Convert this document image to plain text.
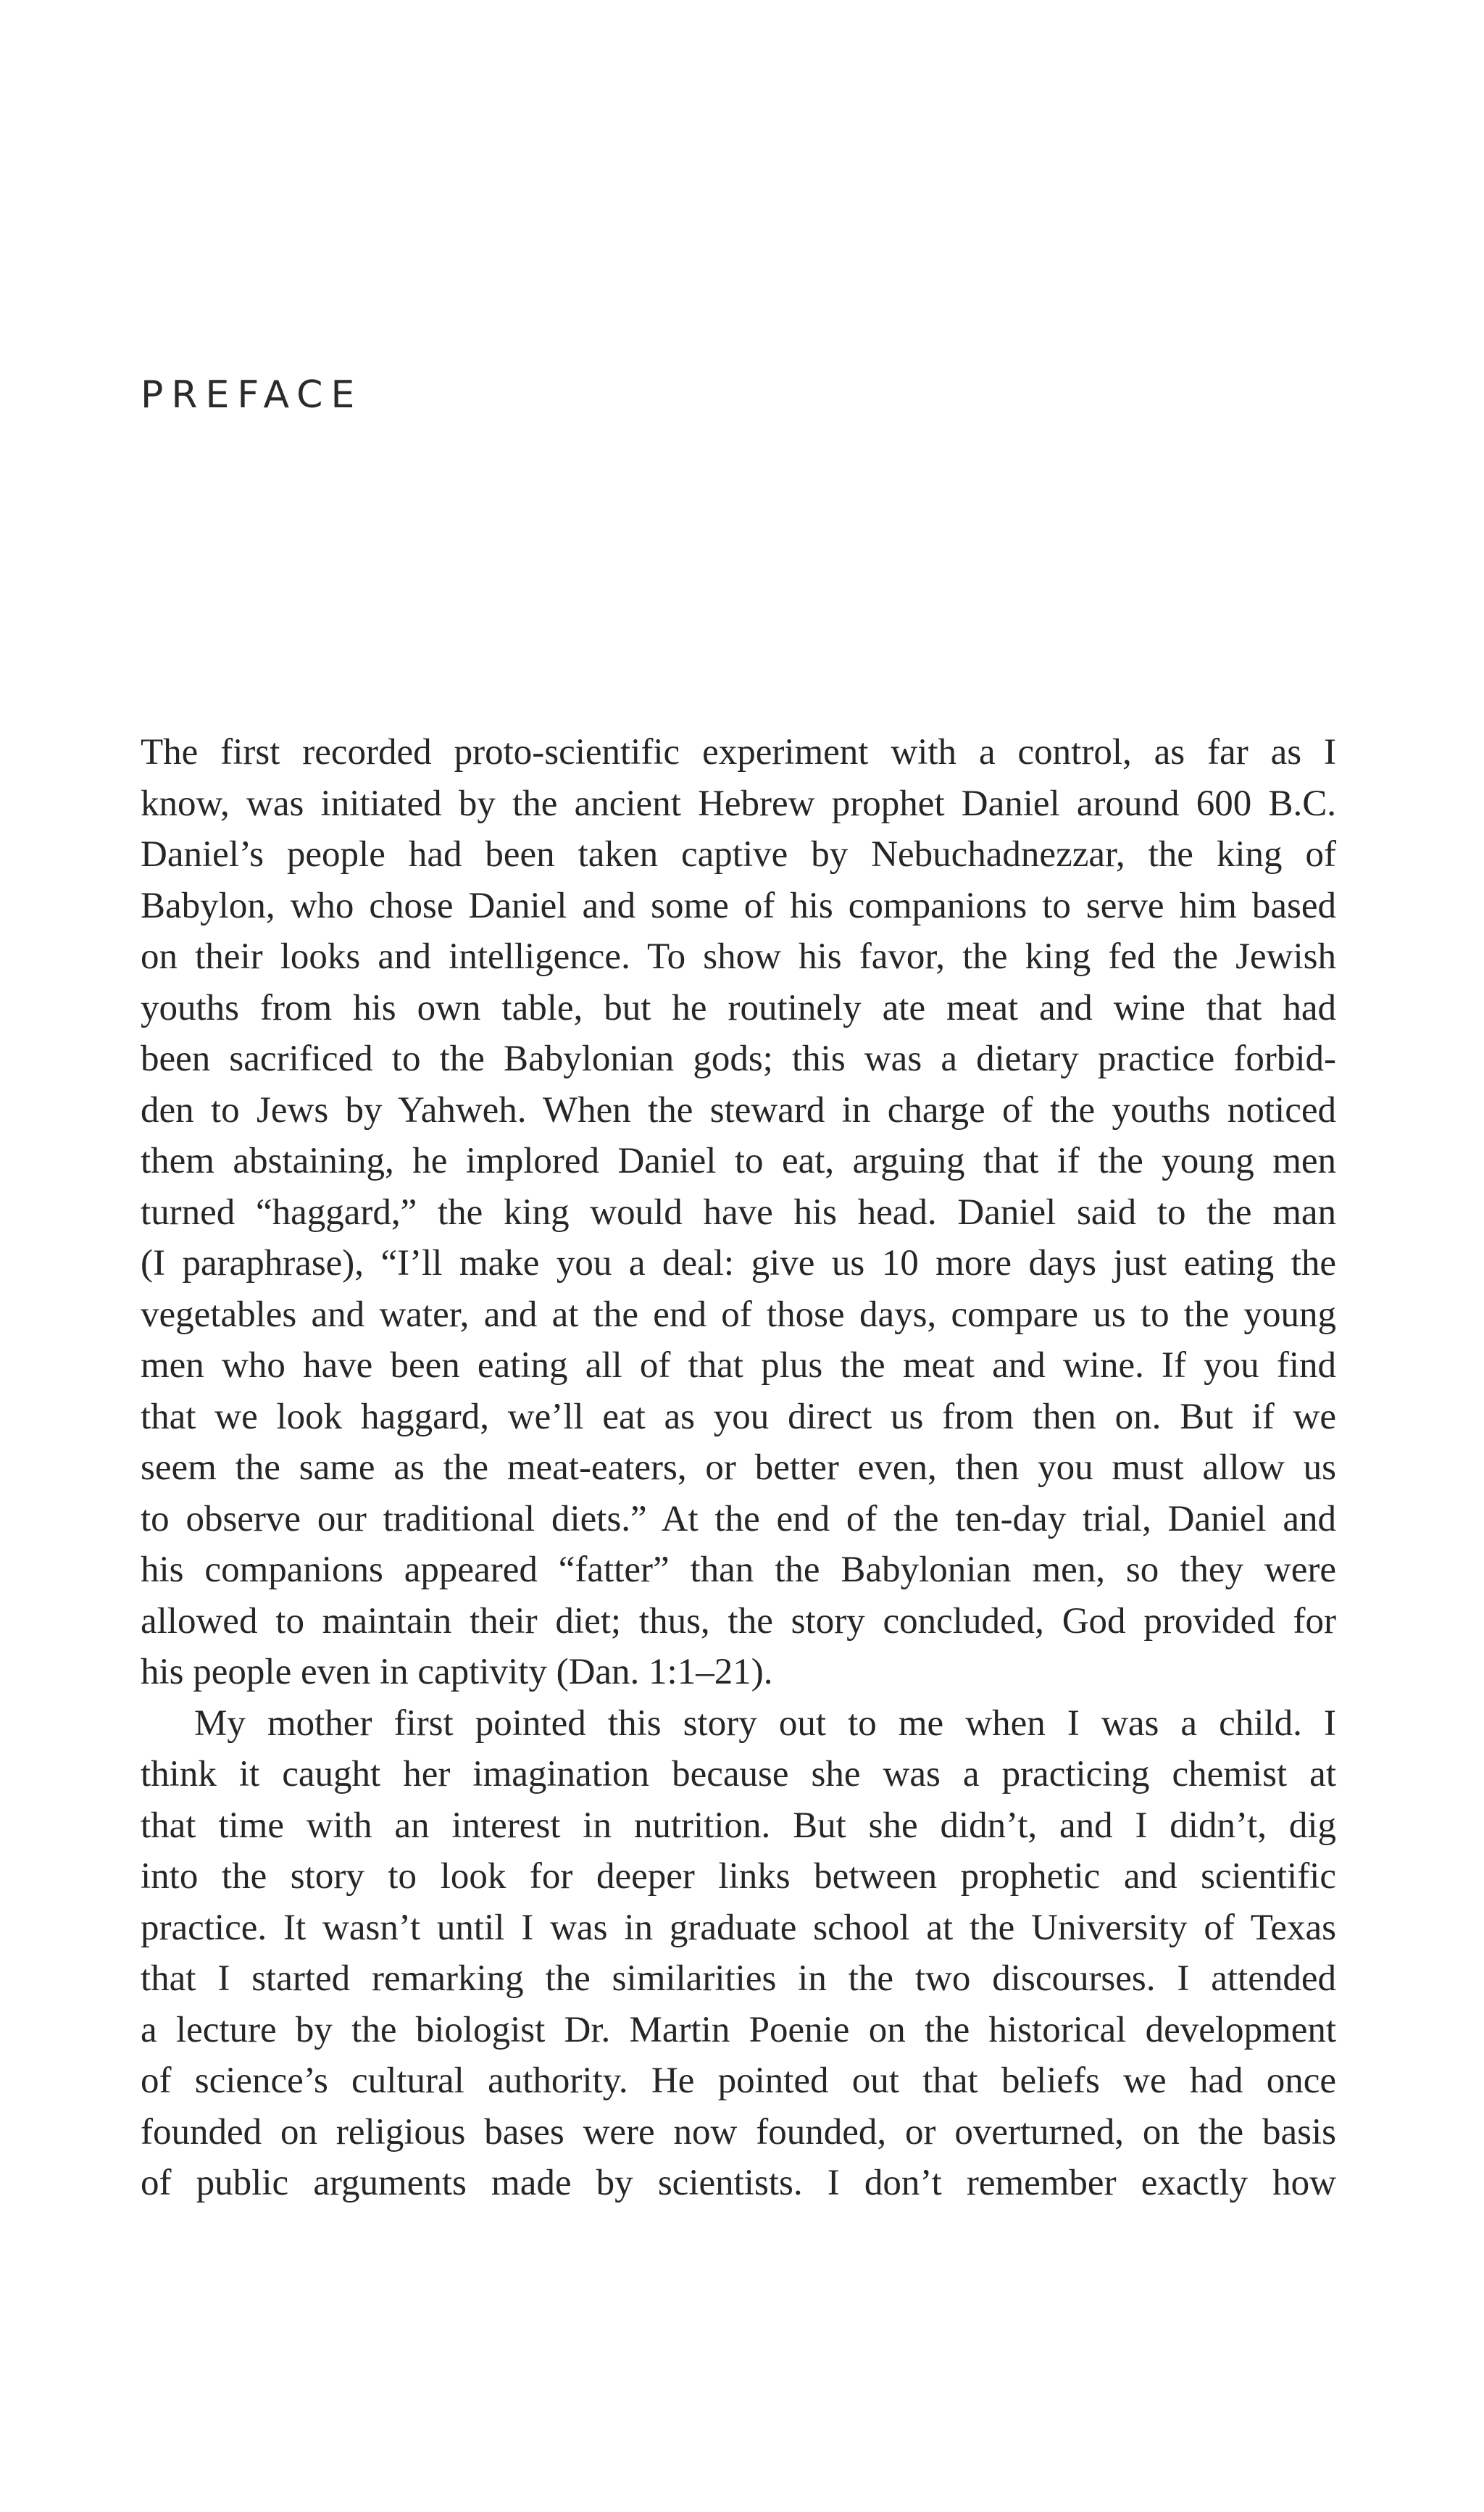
PREFACE
The first recorded proto-scientific experiment with a control, as far as I
know, was initiated by the ancient Hebrew prophet Daniel around 600 B.C.
Daniel’s people had been taken captive by Nebuchadnezzar, the king of
Babylon, who chose Daniel and some of his companions to serve him based
on their looks and intelligence. To show his favor, the king fed the Jewish
youths from his own table, but he routinely ate meat and wine that had
been sacrificed to the Babylonian gods; this was a dietary practice forbid-
den to Jews by Yahweh. When the steward in charge of the youths noticed
them abstaining, he implored Daniel to eat, arguing that if the young men
turned “haggard,” the king would have his head. Daniel said to the man
(I paraphrase), “I’ll make you a deal: give us 10 more days just eating the
vegetables and water, and at the end of those days, compare us to the young
men who have been eating all of that plus the meat and wine. If you find
that we look haggard, we’ll eat as you direct us from then on. But if we
seem the same as the meat-eaters, or better even, then you must allow us
to observe our traditional diets.” At the end of the ten-day trial, Daniel and
his companions appeared “fatter” than the Babylonian men, so they were
allowed to maintain their diet; thus, the story concluded, God provided for
his people even in captivity (Dan. 1:1–21).
My mother first pointed this story out to me when I was a child. I
think it caught her imagination because she was a practicing chemist at
that time with an interest in nutrition. But she didn’t, and I didn’t, dig
into the story to look for deeper links between prophetic and scientific
practice. It wasn’t until I was in graduate school at the University of Texas
that I started remarking the similarities in the two discourses. I attended
a lecture by the biologist Dr. Martin Poenie on the historical development
of science’s cultural authority. He pointed out that beliefs we had once
founded on religious bases were now founded, or overturned, on the basis
of public arguments made by scientists. I don’t remember exactly how
